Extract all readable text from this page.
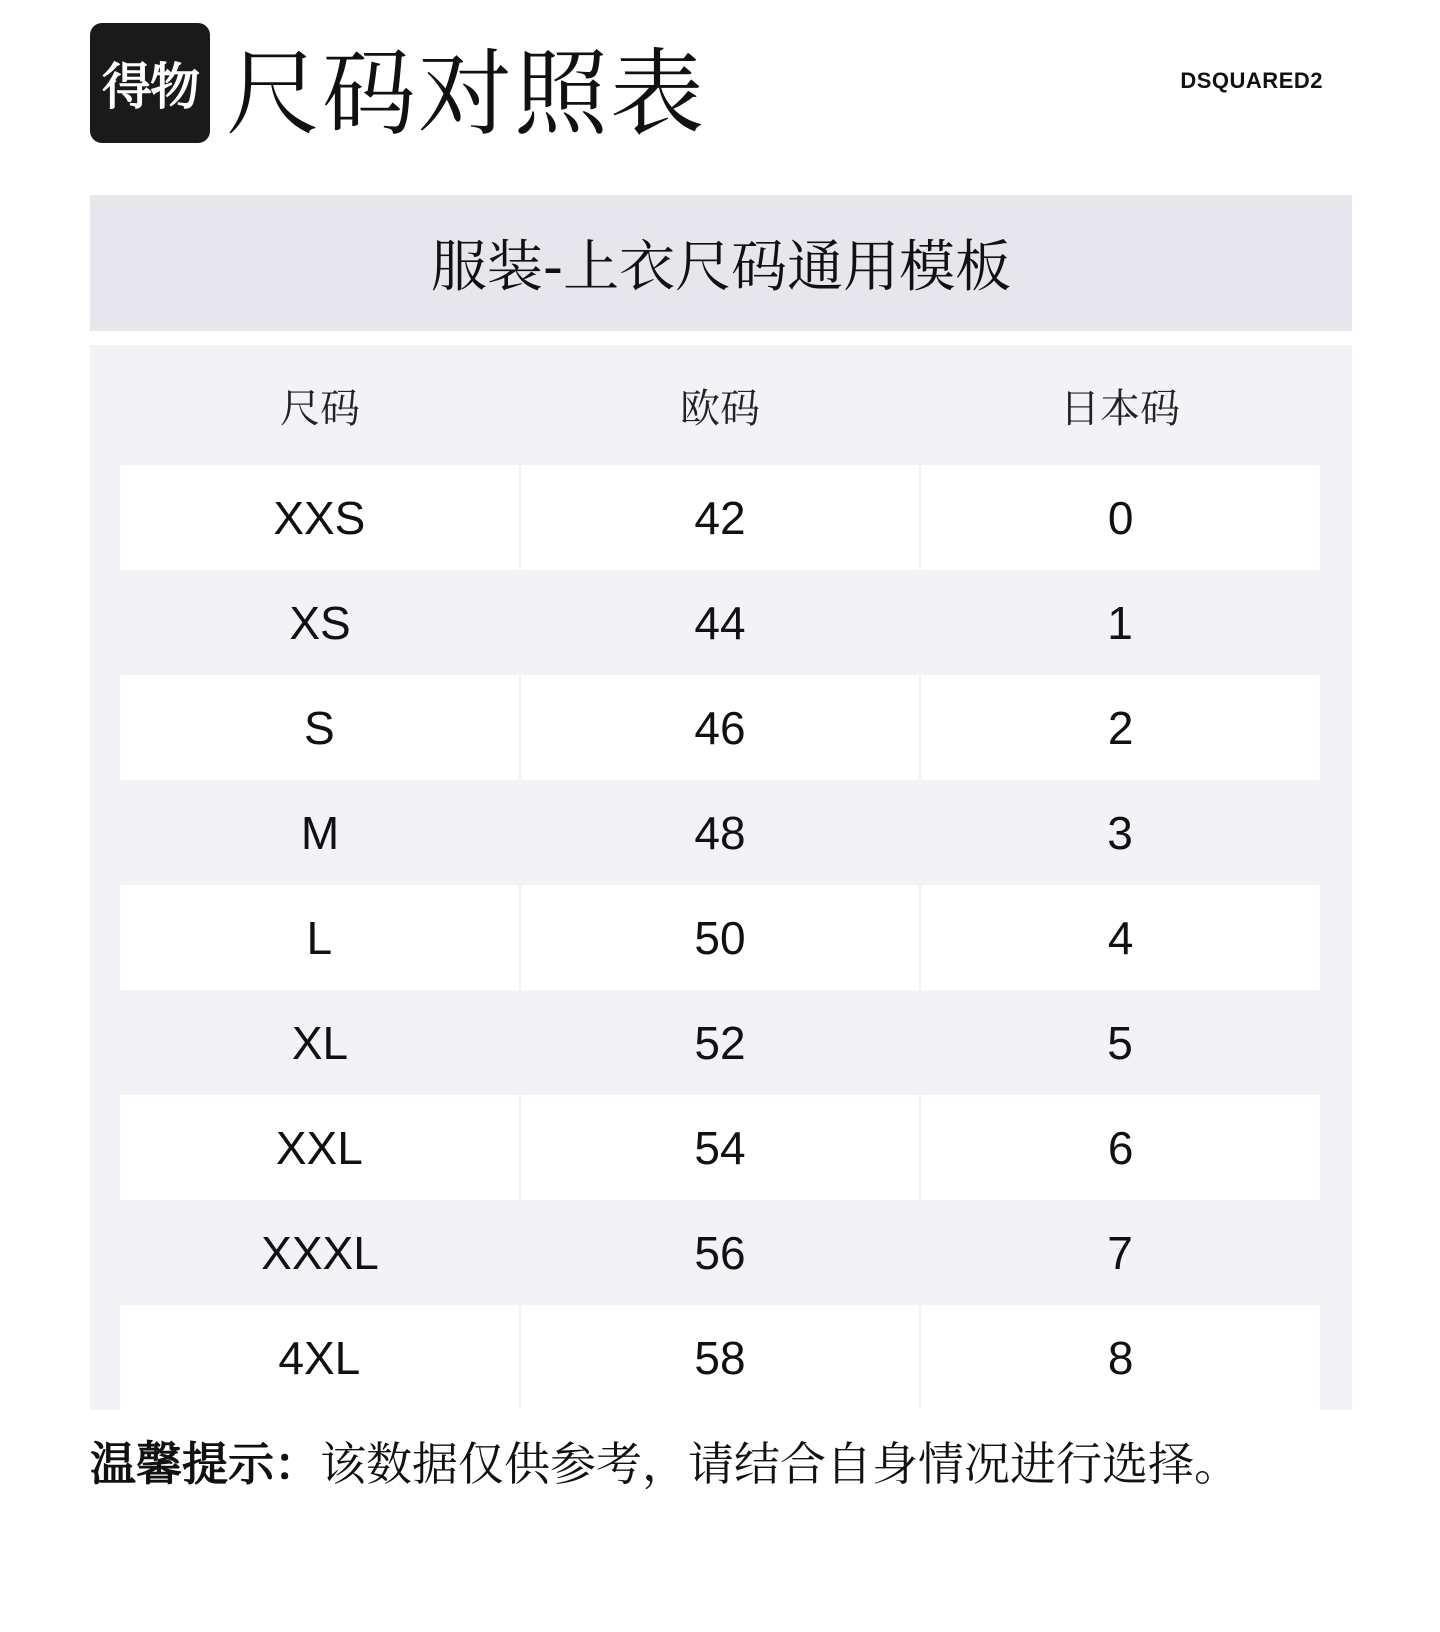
得物 尺码对照表	DSQUARED2
服装-上衣尺码通用模板
尺码	欧码	日本码
XXS	42	0
XS	44	1
S	46	2
M	48	3
L	50	4
XL	52	5
XXL	54	6
XXXL	56	7
4XL	58	8
温馨提示：该数据仅供参考，请结合自身情况进行选择。
